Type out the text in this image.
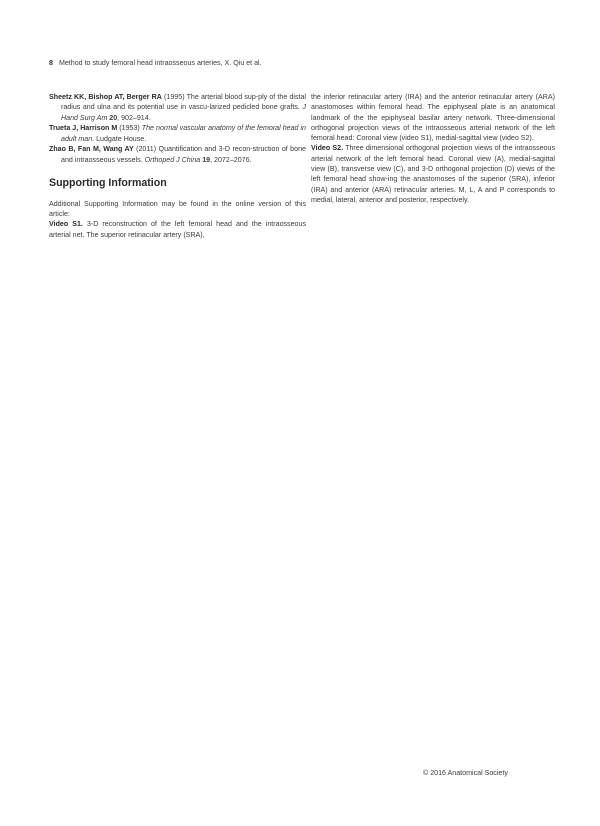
8 Method to study femoral head intraosseous arteries, X. Qiu et al.

Sheetz KK, Bishop AT, Berger RA (1995) The arterial blood sup-ply of the distal radius and ulna and its potential use in vascu-larized pedicled bone grafts. J Hand Surg Am 20, 902–914.

Trueta J, Harrison M (1953) The normal vascular anatomy of the femoral head in adult man. Ludgate House.

Zhao B, Fan M, Wang AY (2011) Quantification and 3-D recon-struction of bone and intraosseous vessels. Orthoped J China 19, 2072–2076.

Supporting Information

Additional Supporting Information may be found in the online version of this article:

Video S1. 3-D reconstruction of the left femoral head and the intraosseous arterial net. The superior retinacular artery (SRA),

the inferior retinacular artery (IRA) and the anterior retinacular artery (ARA) anastomoses within femoral head. The epiphyseal plate is an anatomical landmark of the the epiphyseal basilar artery network. Three-dimensional orthogonal projection views of the intraosseous arterial network of the left femoral head: Coronal view (video S1), medial-sagittal view (video S2).

Video S2. Three dimensional orthogonal projection views of the intraosseous arterial network of the left femoral head. Coronal view (A), medial-sagittal view (B), transverse view (C), and 3-D orthogonal projection (D) views of the left femoral head show-ing the anastomoses of the superior (SRA), inferior (IRA) and anterior (ARA) retinacular arteries. M, L, A and P corresponds to medial, lateral, anterior and posterior, respectively.

© 2016 Anatomical Society
